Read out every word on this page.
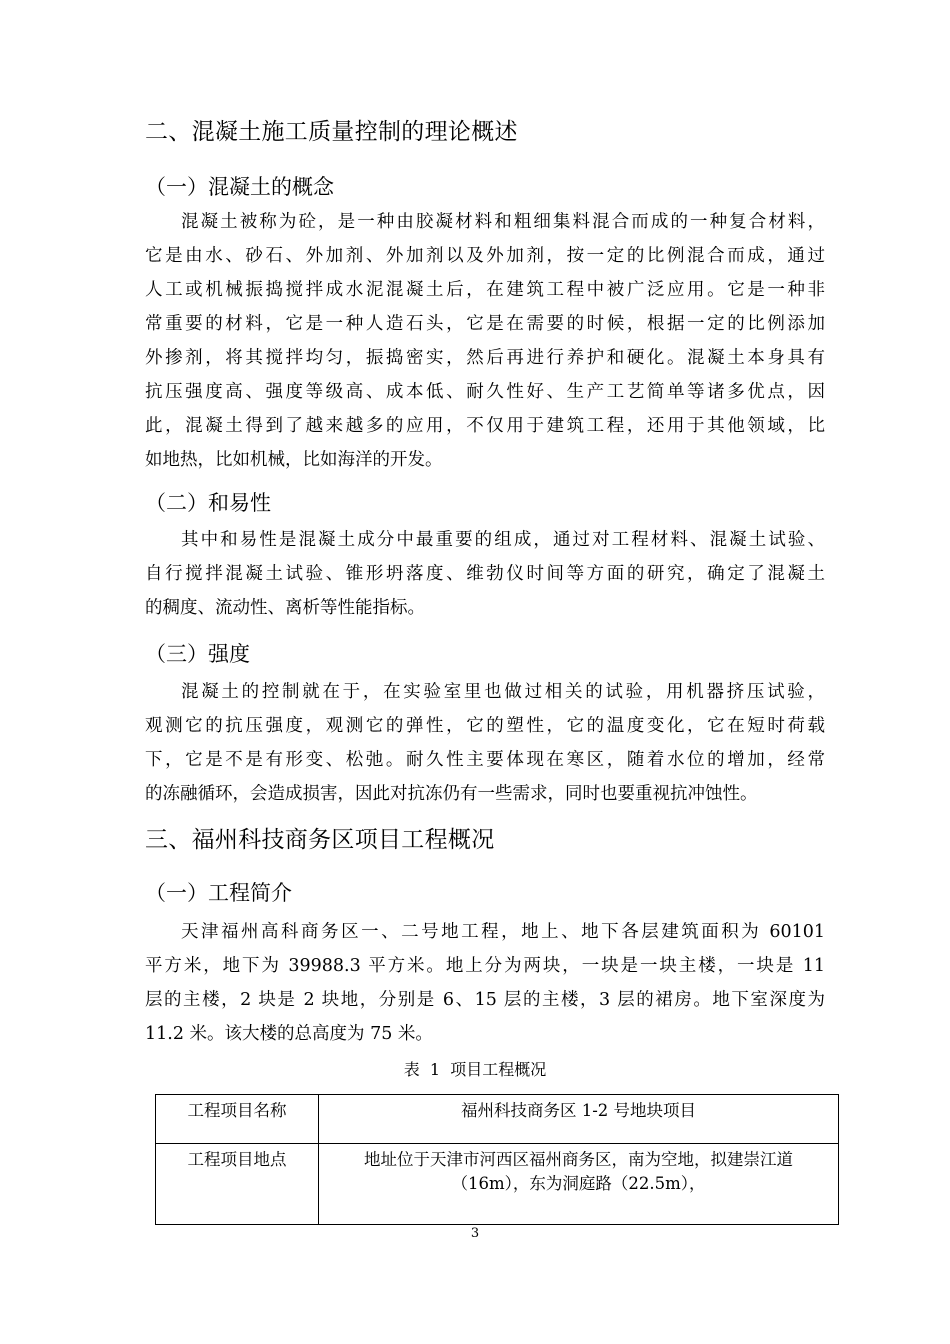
二、混凝土施工质量控制的理论概述
（一）混凝土的概念
混凝土被称为砼，是一种由胶凝材料和粗细集料混合而成的一种复合材料，
它是由水、砂石、外加剂、外加剂以及外加剂，按一定的比例混合而成，通过
人工或机械振捣搅拌成水泥混凝土后，在建筑工程中被广泛应用。它是一种非
常重要的材料，它是一种人造石头，它是在需要的时候，根据一定的比例添加
外掺剂，将其搅拌均匀，振捣密实，然后再进行养护和硬化。混凝土本身具有
抗压强度高、强度等级高、成本低、耐久性好、生产工艺简单等诸多优点，因
此，混凝土得到了越来越多的应用，不仅用于建筑工程，还用于其他领域，比
如地热，比如机械，比如海洋的开发。
（二）和易性
其中和易性是混凝土成分中最重要的组成，通过对工程材料、混凝土试验、
自行搅拌混凝土试验、锥形坍落度、维勃仪时间等方面的研究，确定了混凝土
的稠度、流动性、离析等性能指标。
（三）强度
混凝土的控制就在于，在实验室里也做过相关的试验，用机器挤压试验，
观测它的抗压强度，观测它的弹性，它的塑性，它的温度变化，它在短时荷载
下，它是不是有形变、松弛。耐久性主要体现在寒区，随着水位的增加，经常
的冻融循环，会造成损害，因此对抗冻仍有一些需求，同时也要重视抗冲蚀性。
三、福州科技商务区项目工程概况
（一）工程简介
天津福州高科商务区一、二号地工程，地上、地下各层建筑面积为 60101
平方米，地下为 39988.3 平方米。地上分为两块，一块是一块主楼，一块是 11
层的主楼，2 块是 2 块地，分别是 6、15 层的主楼，3 层的裙房。地下室深度为
11.2 米。该大楼的总高度为 75 米。
表  1  项目工程概况
工程项目名称	福州科技商务区 1-2 号地块项目
工程项目地点	地址位于天津市河西区福州商务区，南为空地，拟建崇江道（16m），东为洞庭路（22.5m），
3
